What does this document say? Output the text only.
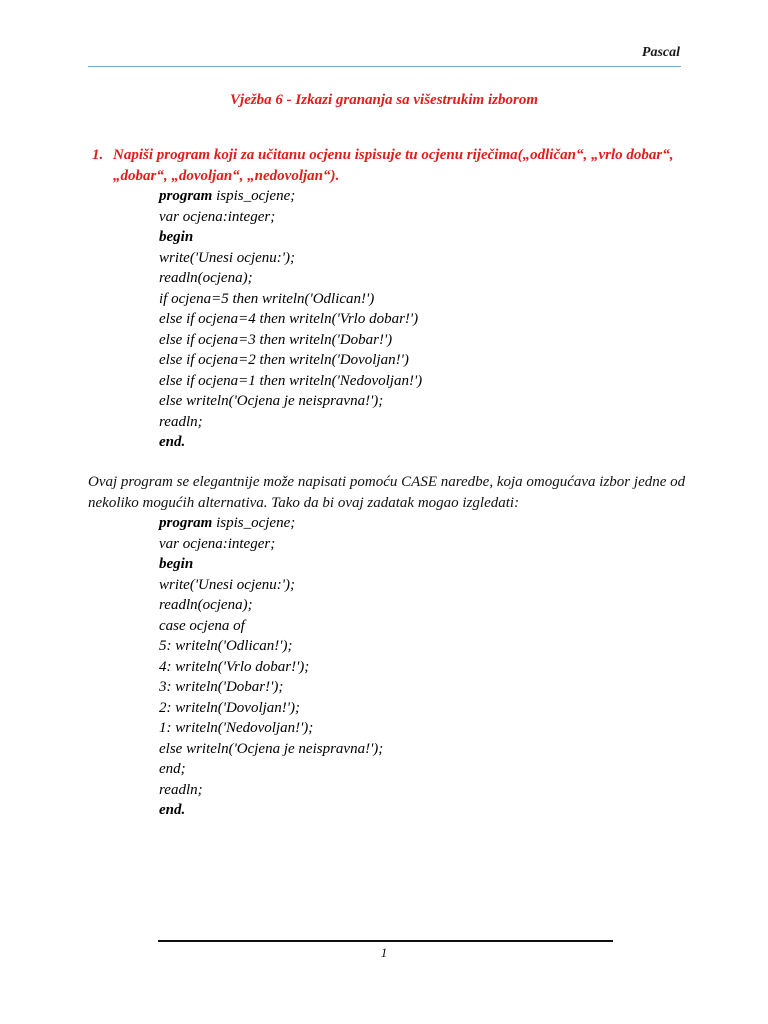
Pascal
Vježba 6 - Izkazi grananja sa višestrukim izborom
1. Napiši program koji za učitanu ocjenu ispisuje tu ocjenu riječima(„odličan“, „vrlo dobar“, „dobar“, „dovoljan“, „nedovoljan“).
program ispis_ocjene;
var ocjena:integer;
begin
write('Unesi ocjenu:');
readln(ocjena);
if ocjena=5 then writeln('Odlican!')
else if ocjena=4 then writeln('Vrlo dobar!')
else if ocjena=3 then writeln('Dobar!')
else if ocjena=2 then writeln('Dovoljan!')
else if ocjena=1 then writeln('Nedovoljan!')
else writeln('Ocjena je neispravna!');
readln;
end.
Ovaj program se elegantnije može napisati pomoću CASE naredbe, koja omogućava izbor jedne od nekoliko mogućih alternativa. Tako da bi ovaj zadatak mogao izgledati:
program ispis_ocjene;
var ocjena:integer;
begin
write('Unesi ocjenu:');
readln(ocjena);
case ocjena of
5: writeln('Odlican!');
4: writeln('Vrlo dobar!');
3: writeln('Dobar!');
2: writeln('Dovoljan!');
1: writeln('Nedovoljan!');
else writeln('Ocjena je neispravna!');
end;
readln;
end.
1
